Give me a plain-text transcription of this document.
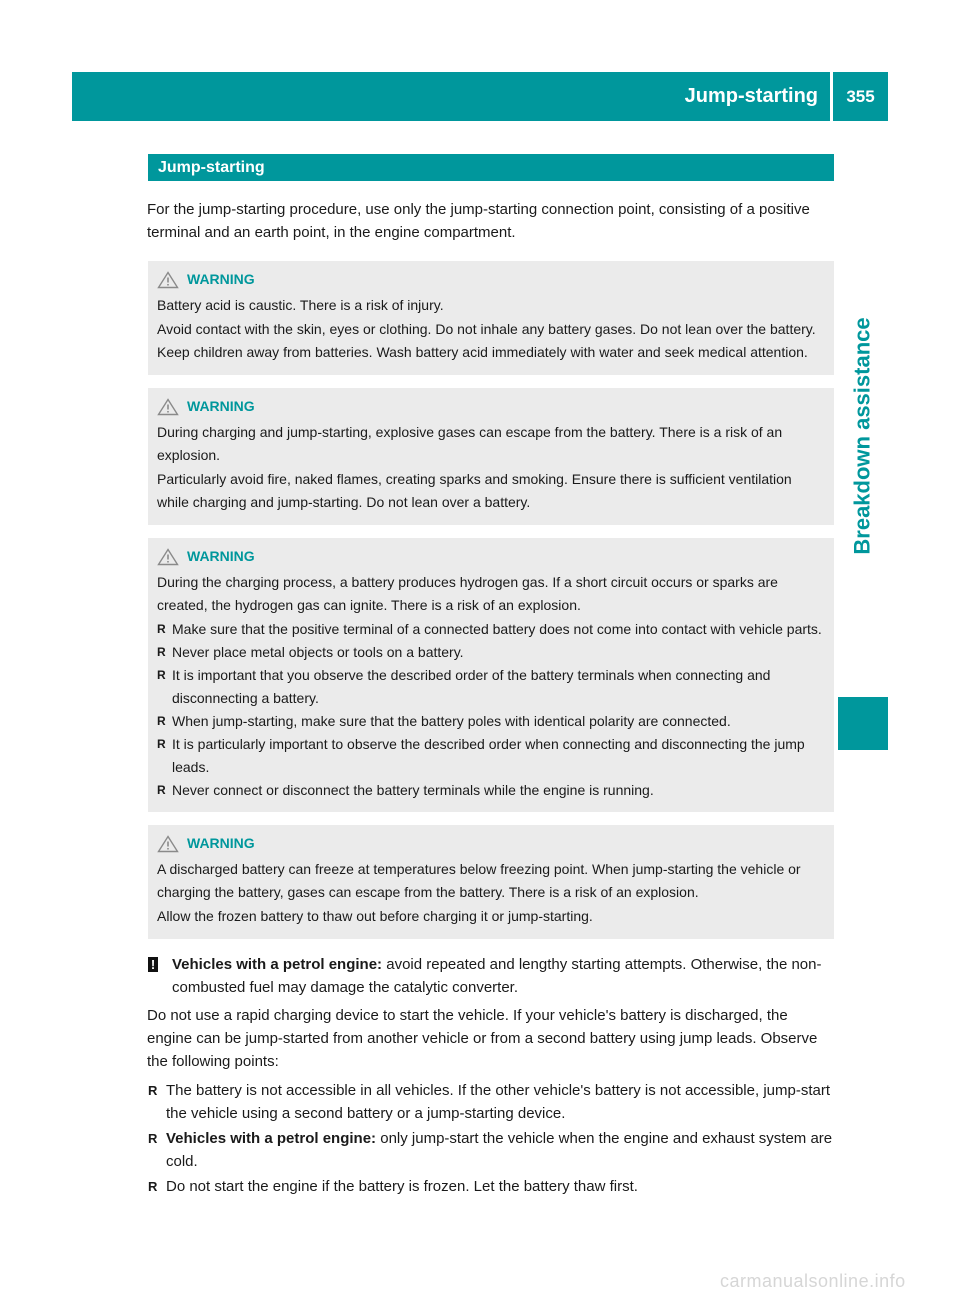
Jump-starting	355
Breakdown assistance
Jump-starting

For the jump-starting procedure, use only the jump-starting connection point, consisting of a positive terminal and an earth point, in the engine compartment.

WARNING

Battery acid is caustic. There is a risk of injury.

Avoid contact with the skin, eyes or clothing. Do not inhale any battery gases. Do not lean over the battery. Keep children away from batteries. Wash battery acid immediately with water and seek medical attention.

WARNING

During charging and jump-starting, explosive gases can escape from the battery. There is a risk of an explosion.

Particularly avoid fire, naked flames, creating sparks and smoking. Ensure there is sufficient ventilation while charging and jump-starting. Do not lean over a battery.

WARNING

During the charging process, a battery produces hydrogen gas. If a short circuit occurs or sparks are created, the hydrogen gas can ignite. There is a risk of an explosion.

R Make sure that the positive terminal of a connected battery does not come into contact with vehicle parts.
R Never place metal objects or tools on a battery.
R It is important that you observe the described order of the battery terminals when connecting and disconnecting a battery.
R When jump-starting, make sure that the battery poles with identical polarity are connected.
R It is particularly important to observe the described order when connecting and disconnecting the jump leads.
R Never connect or disconnect the battery terminals while the engine is running.
WARNING

A discharged battery can freeze at temperatures below freezing point. When jump-starting the vehicle or charging the battery, gases can escape from the battery. There is a risk of an explosion.

Allow the frozen battery to thaw out before charging it or jump-starting.

! Vehicles with a petrol engine: avoid repeated and lengthy starting attempts. Otherwise, the non-combusted fuel may damage the catalytic converter.

Do not use a rapid charging device to start the vehicle. If your vehicle's battery is discharged, the engine can be jump-started from another vehicle or from a second battery using jump leads. Observe the following points:

R The battery is not accessible in all vehicles. If the other vehicle's battery is not accessible, jump-start the vehicle using a second battery or a jump-starting device.
R Vehicles with a petrol engine: only jump-start the vehicle when the engine and exhaust system are cold.
R Do not start the engine if the battery is frozen. Let the battery thaw first.
carmanualsonline.info
